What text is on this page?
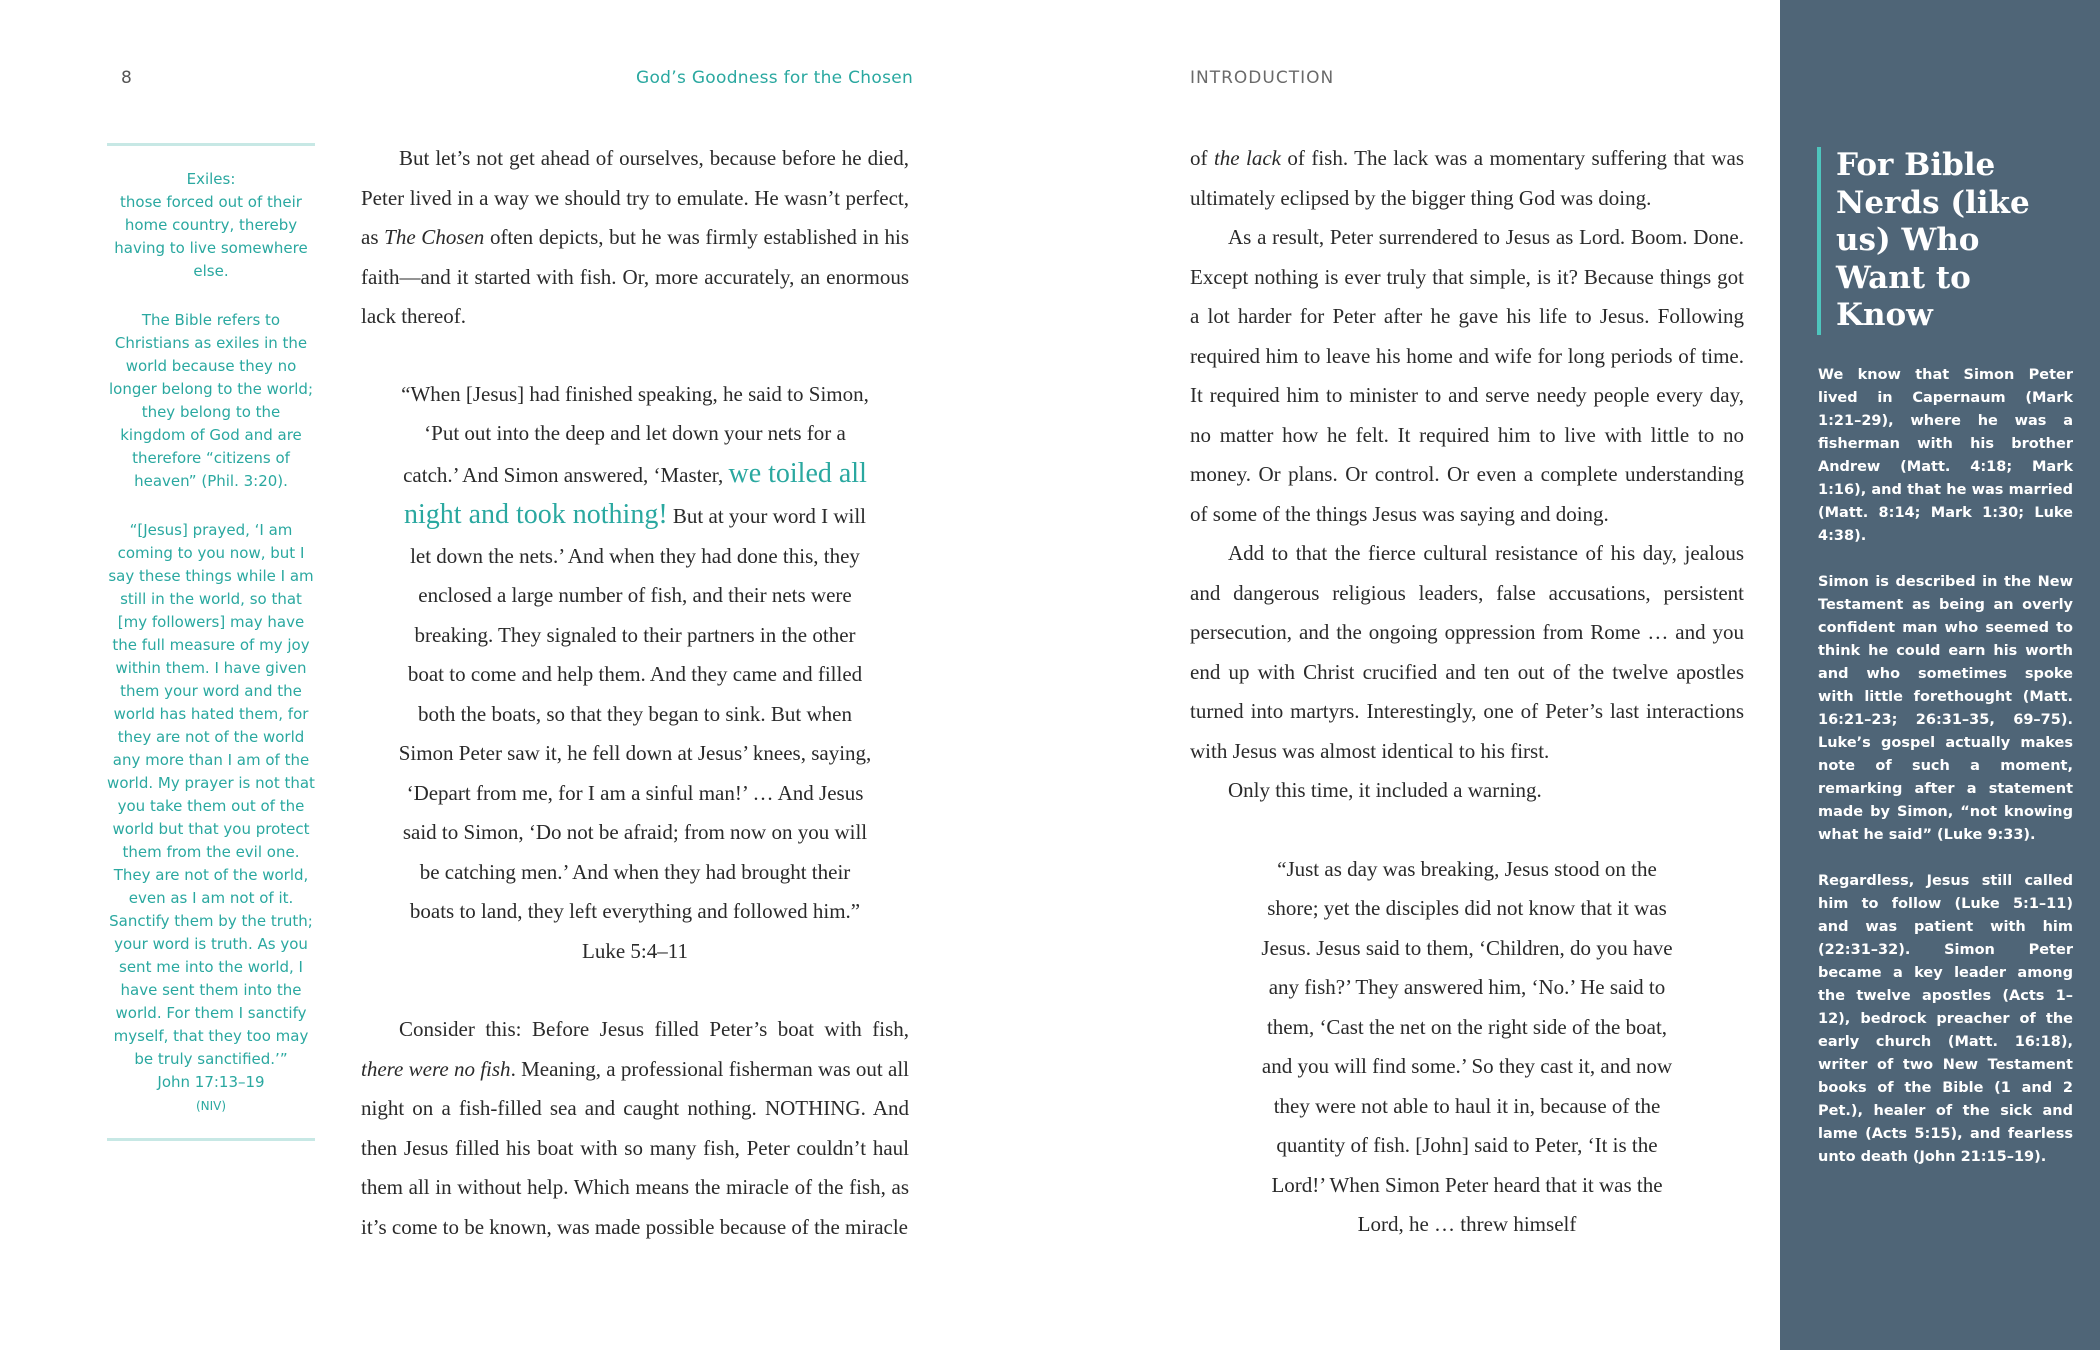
8	God’s Goodness for the Chosen	INTRODUCTION

Exiles:
those forced out of their home country, thereby having to live somewhere else.

The Bible refers to Christians as exiles in the world because they no longer belong to the world; they belong to the kingdom of God and are therefore “citizens of heaven” (Phil. 3:20).

“[Jesus] prayed, ‘I am coming to you now, but I say these things while I am still in the world, so that [my followers] may have the full measure of my joy within them. I have given them your word and the world has hated them, for they are not of the world any more than I am of the world. My prayer is not that you take them out of the world but that you protect them from the evil one. They are not of the world, even as I am not of it. Sanctify them by the truth; your word is truth. As you sent me into the world, I have sent them into the world. For them I sanctify myself, that they too may be truly sanctified.’”
John 17:13–19
(NIV)

But let’s not get ahead of ourselves, because before he died, Peter lived in a way we should try to emulate. He wasn’t perfect, as The Chosen often depicts, but he was firmly established in his faith—and it started with fish. Or, more accurately, an enormous lack thereof.

“When [Jesus] had finished speaking, he said to Simon, ‘Put out into the deep and let down your nets for a catch.’ And Simon answered, ‘Master, we toiled all night and took nothing! But at your word I will let down the nets.’ And when they had done this, they enclosed a large number of fish, and their nets were breaking. They signaled to their partners in the other boat to come and help them. And they came and filled both the boats, so that they began to sink. But when Simon Peter saw it, he fell down at Jesus’ knees, saying, ‘Depart from me, for I am a sinful man!’ … And Jesus said to Simon, ‘Do not be afraid; from now on you will be catching men.’ And when they had brought their boats to land, they left everything and followed him.”
Luke 5:4–11

Consider this: Before Jesus filled Peter’s boat with fish, there were no fish. Meaning, a professional fisherman was out all night on a fish-filled sea and caught nothing. NOTHING. And then Jesus filled his boat with so many fish, Peter couldn’t haul them all in without help. Which means the miracle of the fish, as it’s come to be known, was made possible because of the miracle

of the lack of fish. The lack was a momentary suffering that was ultimately eclipsed by the bigger thing God was doing.

As a result, Peter surrendered to Jesus as Lord. Boom. Done. Except nothing is ever truly that simple, is it? Because things got a lot harder for Peter after he gave his life to Jesus. Following required him to leave his home and wife for long periods of time. It required him to minister to and serve needy people every day, no matter how he felt. It required him to live with little to no money. Or plans. Or control. Or even a complete understanding of some of the things Jesus was saying and doing.

Add to that the fierce cultural resistance of his day, jealous and dangerous religious leaders, false accusations, persistent persecution, and the ongoing oppression from Rome … and you end up with Christ crucified and ten out of the twelve apostles turned into martyrs. Interestingly, one of Peter’s last interactions with Jesus was almost identical to his first.

Only this time, it included a warning.

“Just as day was breaking, Jesus stood on the shore; yet the disciples did not know that it was Jesus. Jesus said to them, ‘Children, do you have any fish?’ They answered him, ‘No.’ He said to them, ‘Cast the net on the right side of the boat, and you will find some.’ So they cast it, and now they were not able to haul it in, because of the quantity of fish. [John] said to Peter, ‘It is the Lord!’ When Simon Peter heard that it was the Lord, he … threw himself
For Bible Nerds (like us) Who Want to Know

We know that Simon Peter lived in Capernaum (Mark 1:21–29), where he was a fisherman with his brother Andrew (Matt. 4:18; Mark 1:16), and that he was married (Matt. 8:14; Mark 1:30; Luke 4:38).

Simon is described in the New Testament as being an overly confident man who seemed to think he could earn his worth and who sometimes spoke with little forethought (Matt. 16:21–23; 26:31–35, 69–75). Luke’s gospel actually makes note of such a moment, remarking after a statement made by Simon, “not knowing what he said” (Luke 9:33).

Regardless, Jesus still called him to follow (Luke 5:1–11) and was patient with him (22:31–32). Simon Peter became a key leader among the twelve apostles (Acts 1–12), bedrock preacher of the early church (Matt. 16:18), writer of two New Testament books of the Bible (1 and 2 Pet.), healer of the sick and lame (Acts 5:15), and fearless unto death (John 21:15–19).
